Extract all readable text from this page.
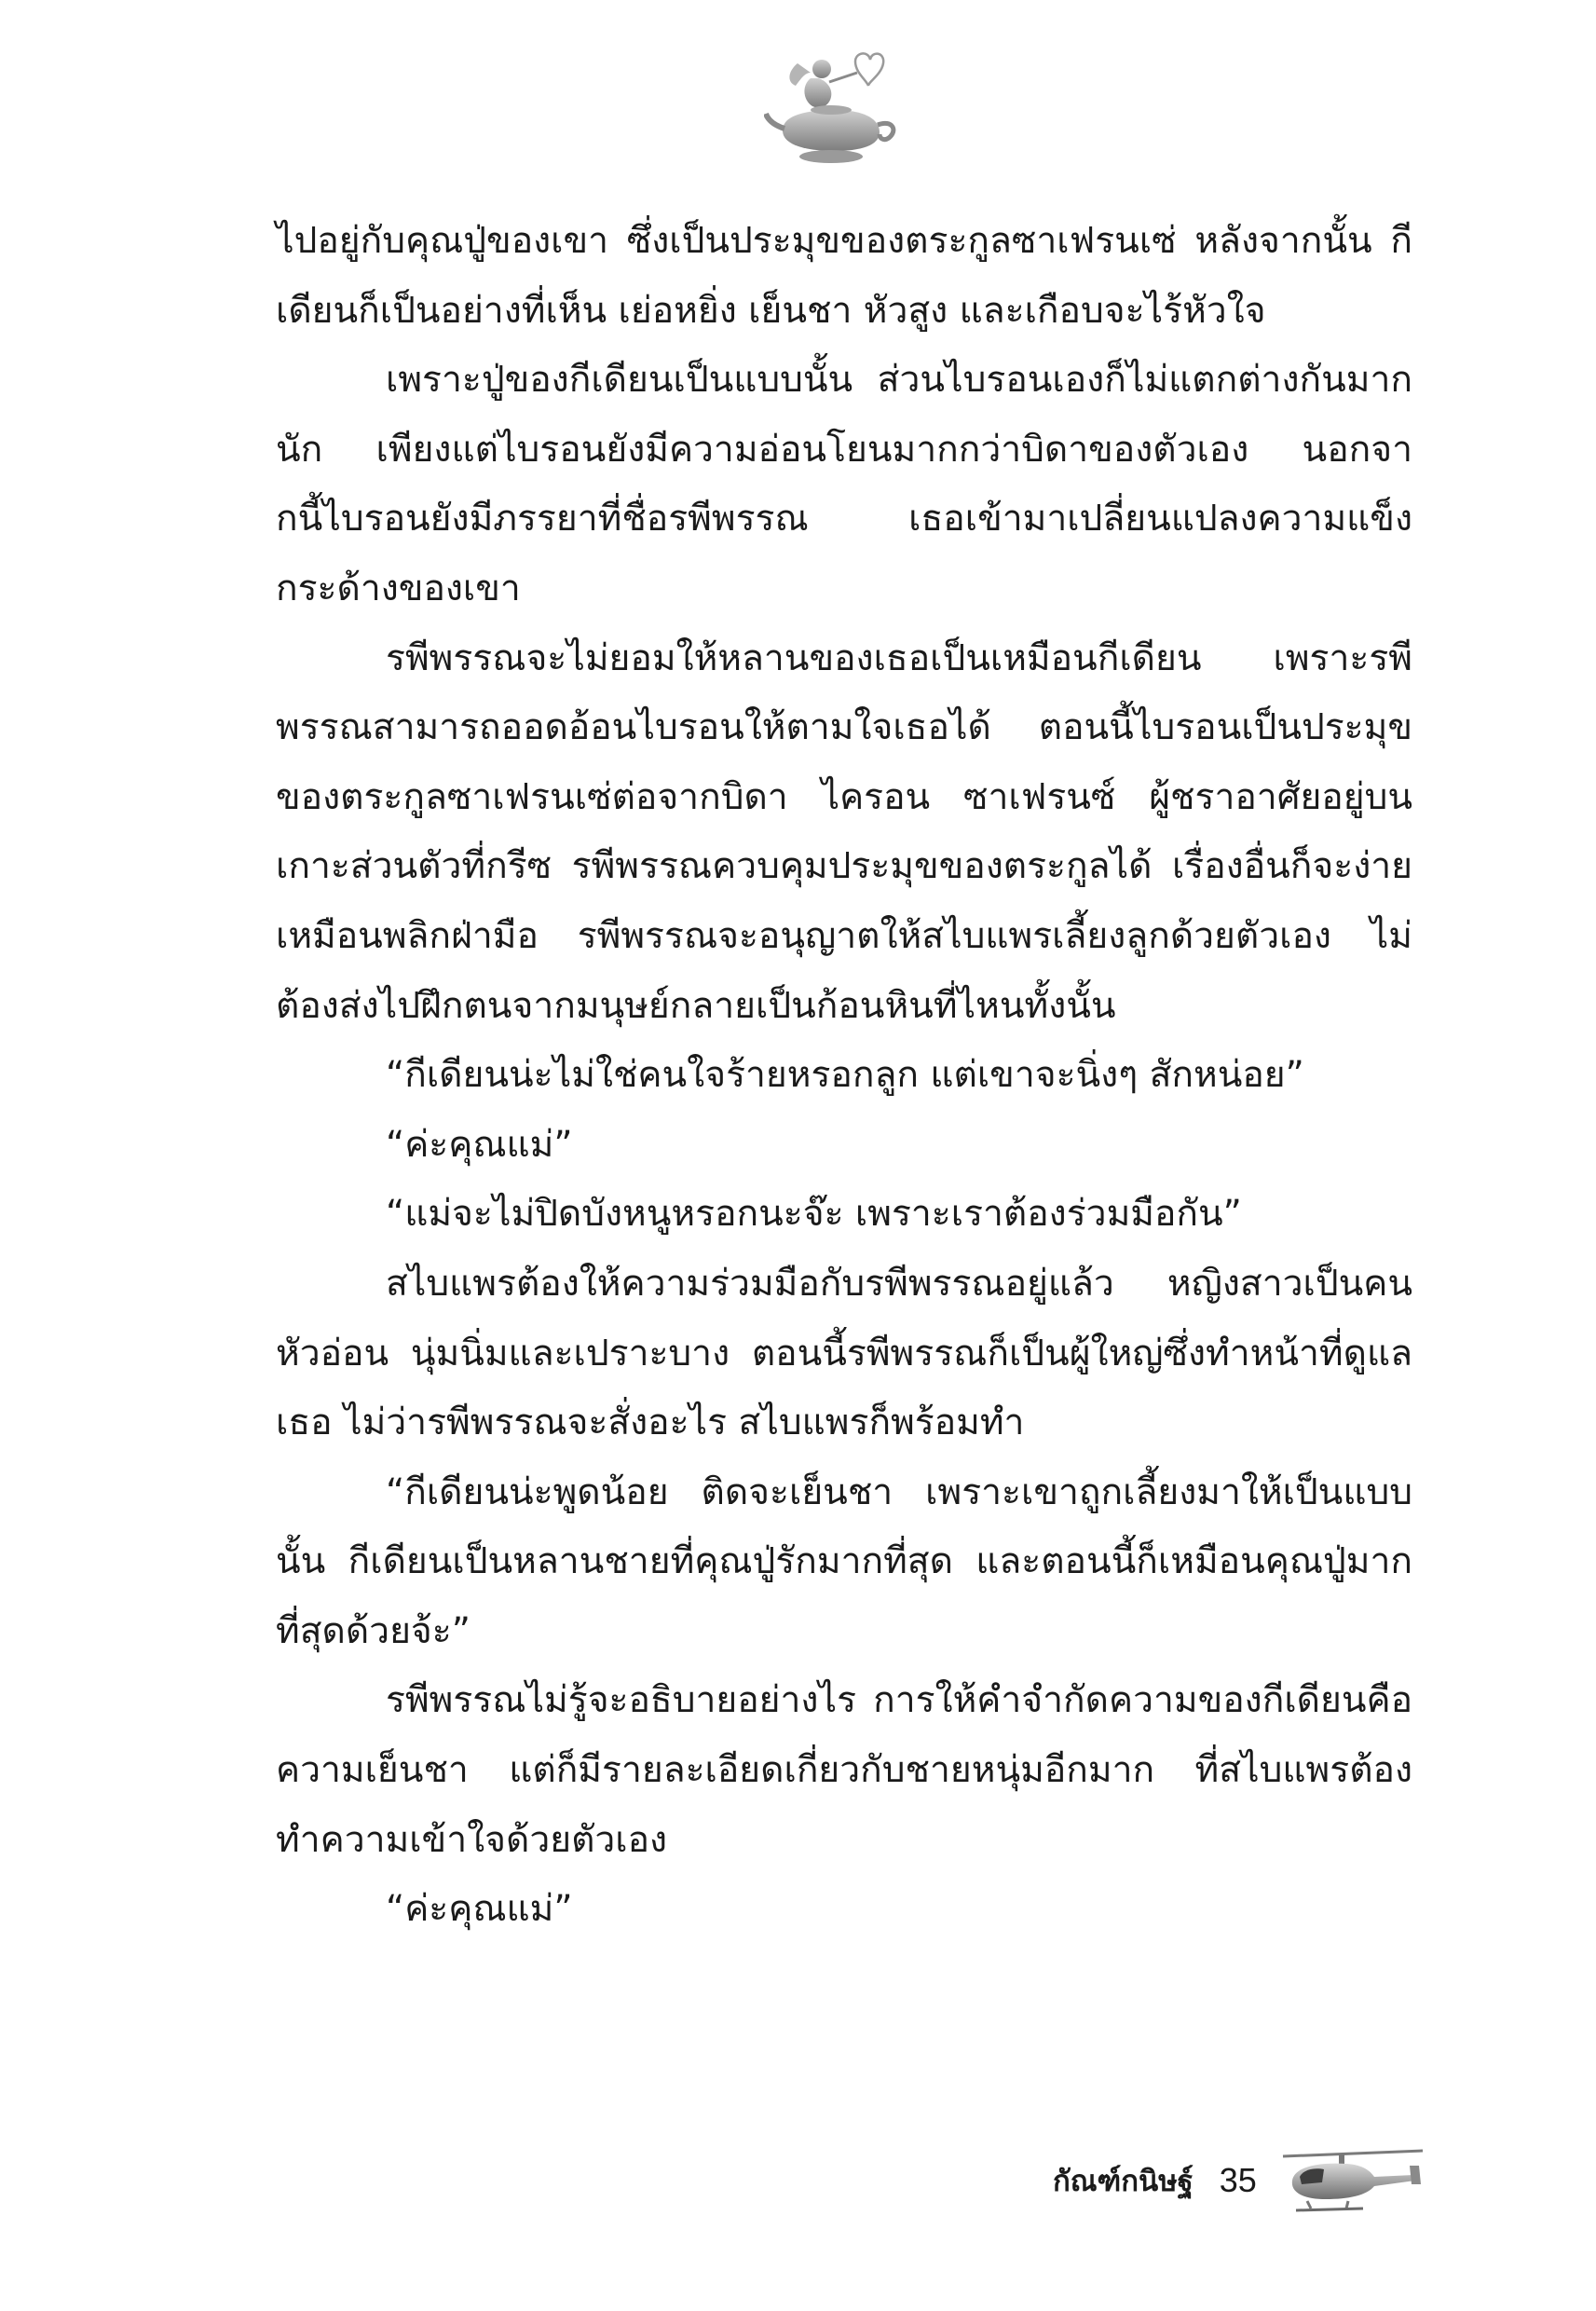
ไปอยู่กับคุณปู่ของเขา ซึ่งเป็นประมุขของตระกูลซาเฟรนเซ่ หลังจากนั้น กีเดียนก็เป็นอย่างที่เห็น เย่อหยิ่ง เย็นชา หัวสูง และเกือบจะไร้หัวใจ

เพราะปู่ของกีเดียนเป็นแบบนั้น ส่วนไบรอนเองก็ไม่แตกต่างกันมากนัก เพียงแต่ไบรอนยังมีความอ่อนโยนมากกว่าบิดาของตัวเอง นอกจากนี้ไบรอนยังมีภรรยาที่ชื่อรพีพรรณ เธอเข้ามาเปลี่ยนแปลงความแข็งกระด้างของเขา

รพีพรรณจะไม่ยอมให้หลานของเธอเป็นเหมือนกีเดียน เพราะรพีพรรณสามารถออดอ้อนไบรอนให้ตามใจเธอได้ ตอนนี้ไบรอนเป็นประมุขของตระกูลซาเฟรนเซ่ต่อจากบิดา ไครอน ซาเฟรนซ์ ผู้ชราอาศัยอยู่บนเกาะส่วนตัวที่กรีซ รพีพรรณควบคุมประมุขของตระกูลได้ เรื่องอื่นก็จะง่ายเหมือนพลิกฝ่ามือ รพีพรรณจะอนุญาตให้สไบแพรเลี้ยงลูกด้วยตัวเอง ไม่ต้องส่งไปฝึกตนจากมนุษย์กลายเป็นก้อนหินที่ไหนทั้งนั้น

“กีเดียนน่ะไม่ใช่คนใจร้ายหรอกลูก แต่เขาจะนิ่งๆ สักหน่อย”

“ค่ะคุณแม่”

“แม่จะไม่ปิดบังหนูหรอกนะจ๊ะ เพราะเราต้องร่วมมือกัน”

สไบแพรต้องให้ความร่วมมือกับรพีพรรณอยู่แล้ว หญิงสาวเป็นคนหัวอ่อน นุ่มนิ่มและเปราะบาง ตอนนี้รพีพรรณก็เป็นผู้ใหญ่ซึ่งทำหน้าที่ดูแลเธอ ไม่ว่ารพีพรรณจะสั่งอะไร สไบแพรก็พร้อมทำ

“กีเดียนน่ะพูดน้อย ติดจะเย็นชา เพราะเขาถูกเลี้ยงมาให้เป็นแบบนั้น กีเดียนเป็นหลานชายที่คุณปู่รักมากที่สุด และตอนนี้ก็เหมือนคุณปู่มากที่สุดด้วยจ้ะ”

รพีพรรณไม่รู้จะอธิบายอย่างไร การให้คำจำกัดความของกีเดียนคือความเย็นชา แต่ก็มีรายละเอียดเกี่ยวกับชายหนุ่มอีกมาก ที่สไบแพรต้องทำความเข้าใจด้วยตัวเอง

“ค่ะคุณแม่”

กัณฑ์กนิษฐ์ 35
